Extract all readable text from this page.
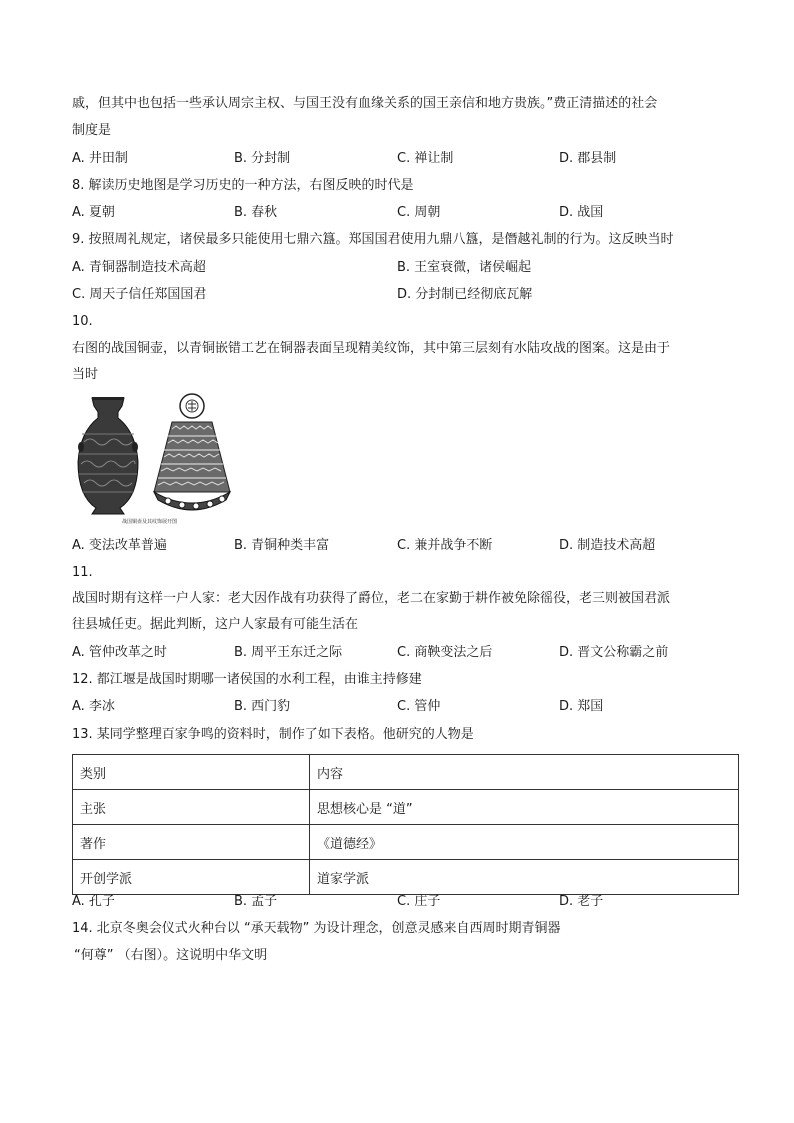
戚，但其中也包括一些承认周宗主权、与国王没有血缘关系的国王亲信和地方贵族。”费正清描述的社会
制度是
A. 井田制	B. 分封制	C. 禅让制	D. 郡县制
8. 解读历史地图是学习历史的一种方法，右图反映的时代是
A. 夏朝	B. 春秋	C. 周朝	D. 战国
9. 按照周礼规定，诸侯最多只能使用七鼎六簋。郑国国君使用九鼎八簋，是僭越礼制的行为。这反映当时
A. 青铜器制造技术高超	B. 王室衰微，诸侯崛起
C. 周天子信任郑国国君	D. 分封制已经彻底瓦解
10.
右图的战国铜壶，以青铜嵌错工艺在铜器表面呈现精美纹饰，其中第三层刻有水陆攻战的图案。这是由于
当时
战国铜壶及其纹饰展开图
A. 变法改革普遍	B. 青铜种类丰富	C. 兼并战争不断	D. 制造技术高超
11.
战国时期有这样一户人家：老大因作战有功获得了爵位，老二在家勤于耕作被免除徭役，老三则被国君派
往县城任吏。据此判断，这户人家最有可能生活在
A. 管仲改革之时	B. 周平王东迁之际	C. 商鞅变法之后	D. 晋文公称霸之前
12. 都江堰是战国时期哪一诸侯国的水利工程，由谁主持修建
A. 李冰	B. 西门豹	C. 管仲	D. 郑国
13. 某同学整理百家争鸣的资料时，制作了如下表格。他研究的人物是
类别	内容
主张	思想核心是 “道”
著作	《道德经》
开创学派	道家学派
A. 孔子	B. 孟子	C. 庄子	D. 老子
14. 北京冬奥会仪式火种台以 “承天载物” 为设计理念，创意灵感来自西周时期青铜器
“何尊” （右图）。这说明中华文明
